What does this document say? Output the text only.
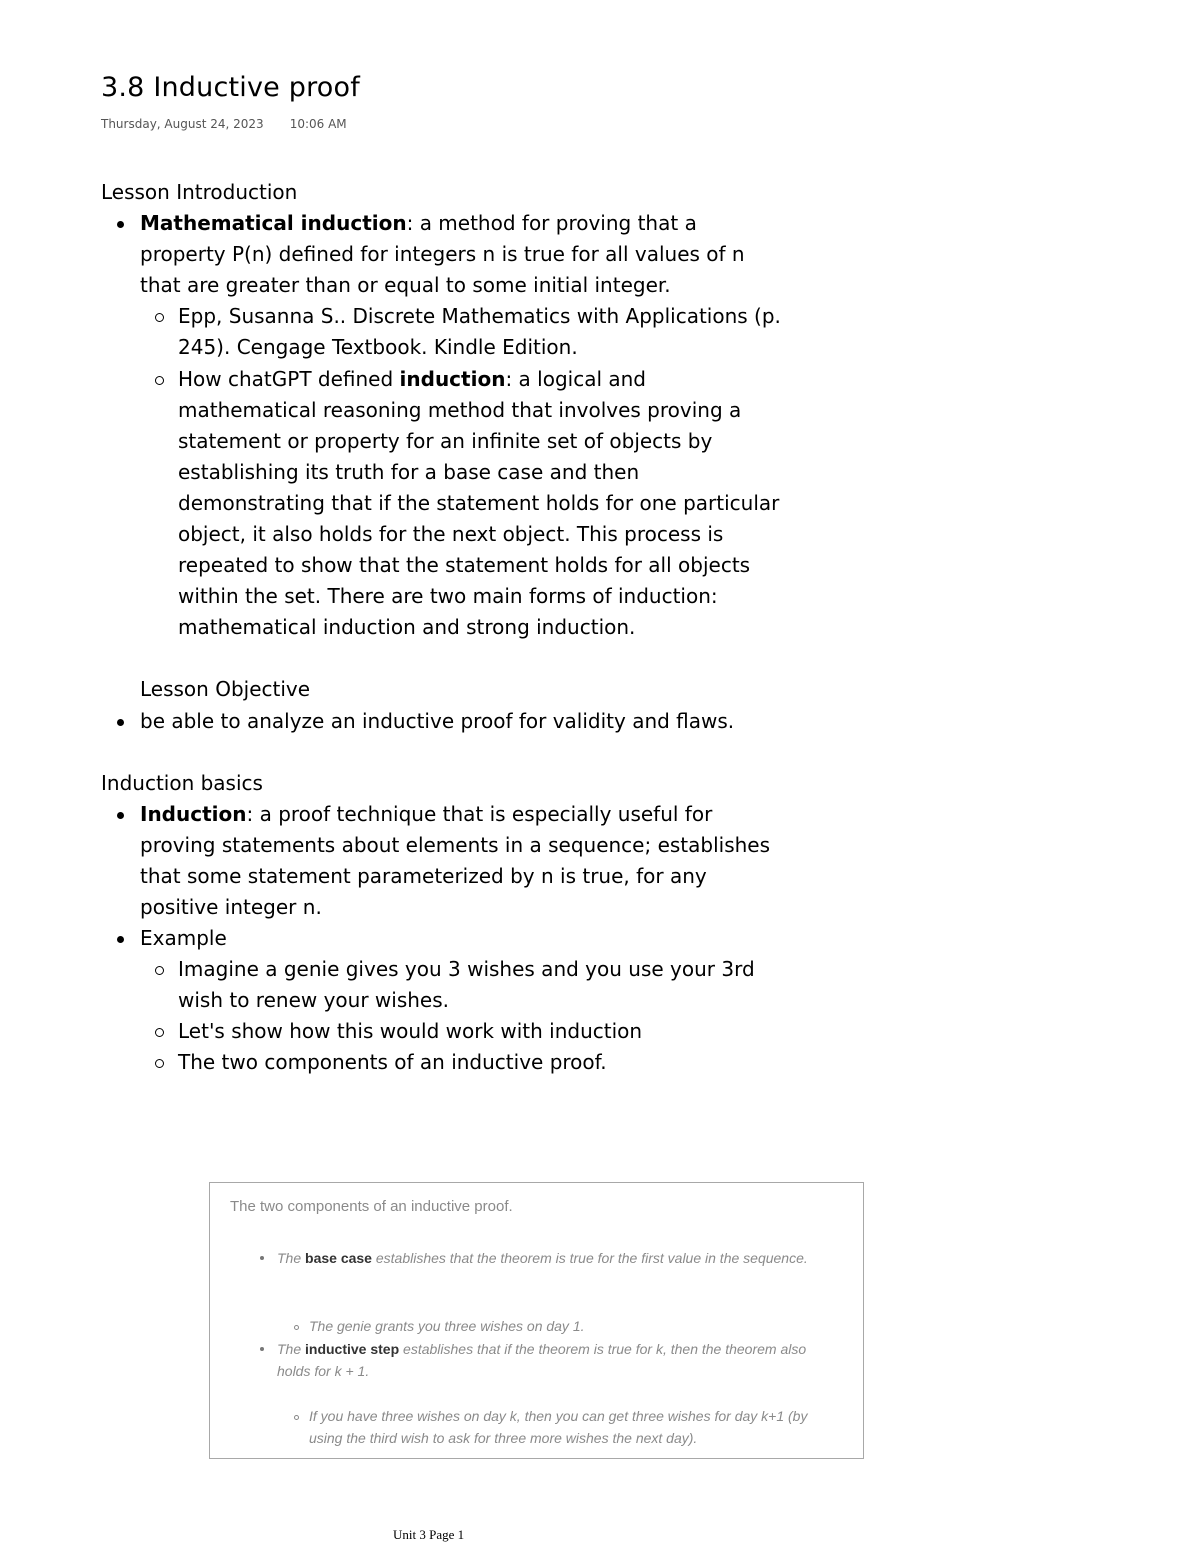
3.8 Inductive proof
Thursday, August 24, 2023 10:06 AM
Lesson Introduction
Mathematical induction: a method for proving that a property P(n) defined for integers n is true for all values of n that are greater than or equal to some initial integer.
Epp, Susanna S.. Discrete Mathematics with Applications (p. 245). Cengage Textbook. Kindle Edition.
How chatGPT defined induction: a logical and mathematical reasoning method that involves proving a statement or property for an infinite set of objects by establishing its truth for a base case and then demonstrating that if the statement holds for one particular object, it also holds for the next object. This process is repeated to show that the statement holds for all objects within the set. There are two main forms of induction: mathematical induction and strong induction.
Lesson Objective
be able to analyze an inductive proof for validity and flaws.
Induction basics
Induction: a proof technique that is especially useful for proving statements about elements in a sequence; establishes that some statement parameterized by n is true, for any positive integer n.
Example
Imagine a genie gives you 3 wishes and you use your 3rd wish to renew your wishes.
Let's show how this would work with induction
The two components of an inductive proof.
The two components of an inductive proof.
The base case establishes that the theorem is true for the first value in the sequence.
The genie grants you three wishes on day 1.
The inductive step establishes that if the theorem is true for k, then the theorem also holds for k + 1.
If you have three wishes on day k, then you can get three wishes for day k+1 (by using the third wish to ask for three more wishes the next day).
Unit 3 Page 1
